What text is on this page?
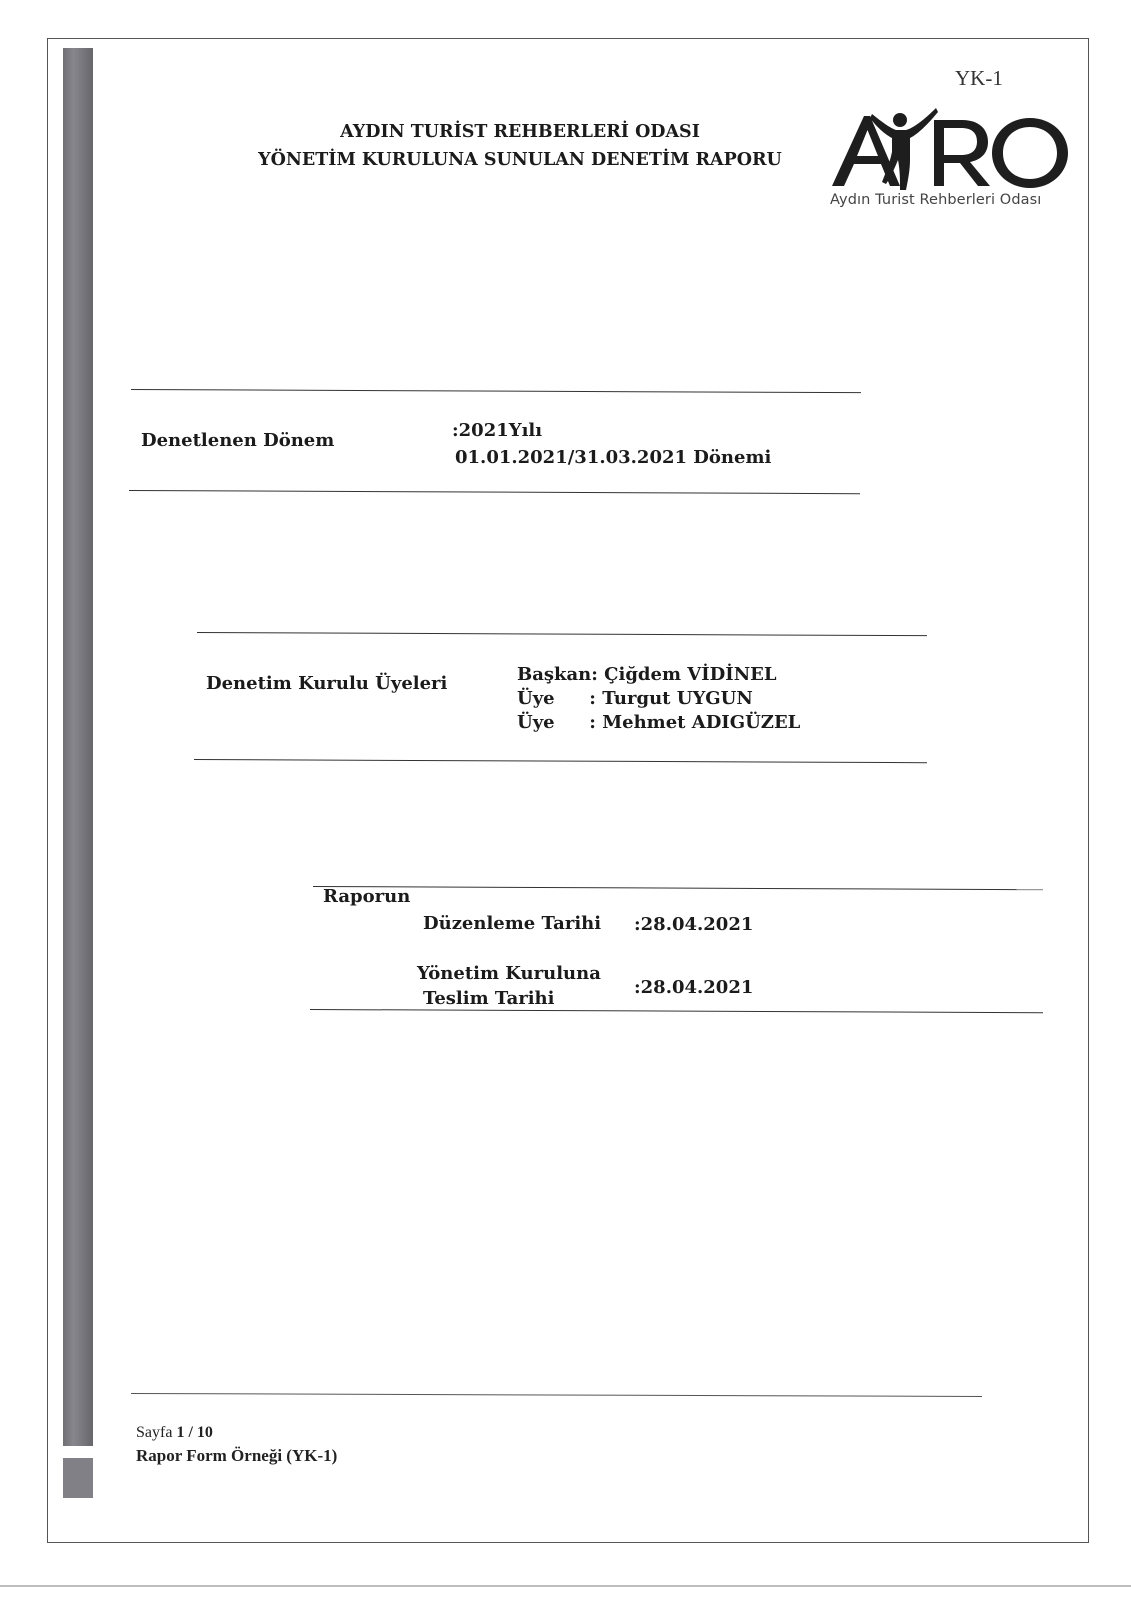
YK-1
AYDIN TURİST REHBERLERİ ODASI
YÖNETİM KURULUNA SUNULAN DENETİM RAPORU
Aydın Turist Rehberleri Odası
Denetlenen Dönem	:2021Yılı
01.01.2021/31.03.2021 Dönemi
Denetim Kurulu Üyeleri	Başkan: Çiğdem VİDİNEL
Üye : Turgut UYGUN
Üye : Mehmet ADIGÜZEL
Raporun
Düzenleme Tarihi :28.04.2021
Yönetim Kuruluna
Teslim Tarihi
:28.04.2021
Sayfa 1 / 10
Rapor Form Örneği (YK-1)
